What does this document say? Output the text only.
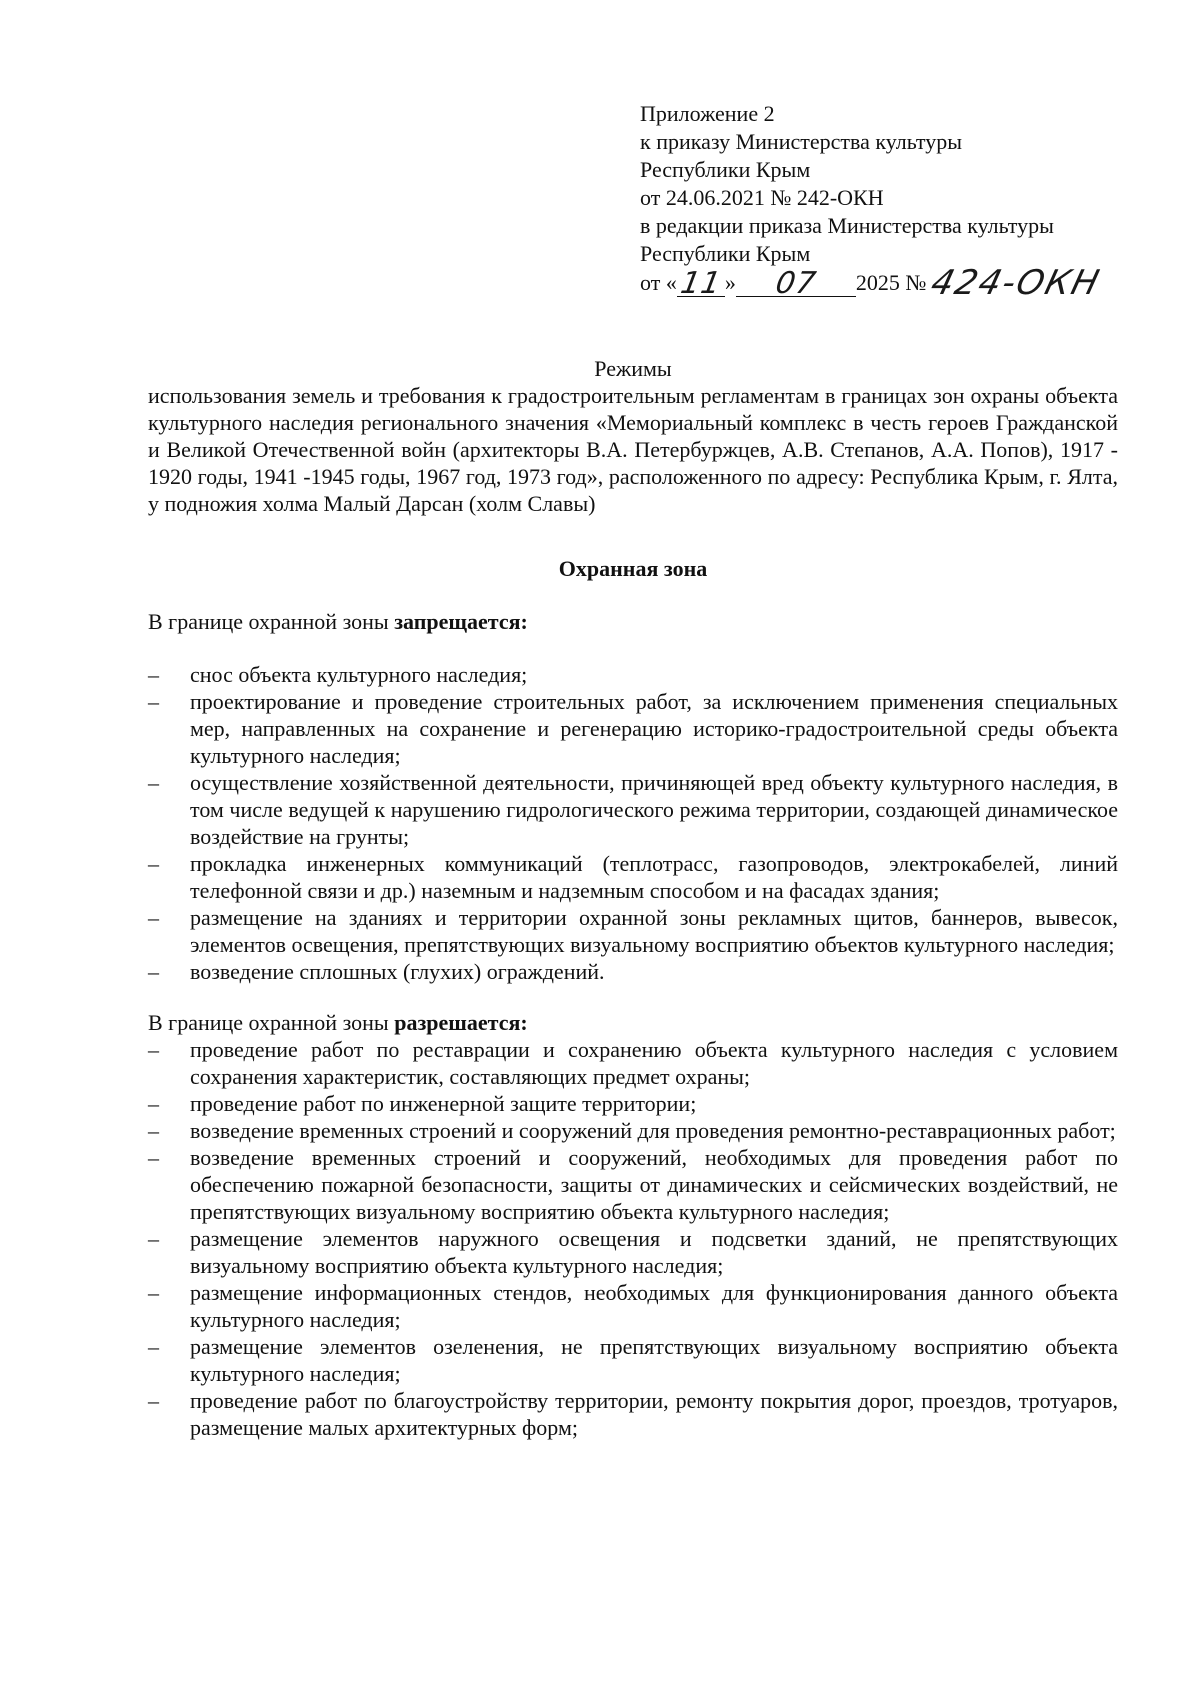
Приложение 2
к приказу Министерства культуры
Республики Крым
от 24.06.2021 № 242-ОКН
в редакции приказа Министерства культуры
Республики Крым
от « 11 »	07	2025 № 424-ОКН
Режимы

использования земель и требования к градостроительным регламентам в границах зон охраны объекта культурного наследия регионального значения «Мемориальный комплекс в честь героев Гражданской и Великой Отечественной войн (архитекторы В.А. Петербуржцев, А.В. Степанов, А.А. Попов), 1917 - 1920 годы, 1941 -1945 годы, 1967 год, 1973 год», расположенного по адресу: Республика Крым, г. Ялта, у подножия холма Малый Дарсан (холм Славы)

Охранная зона

В границе охранной зоны запрещается:

– снос объекта культурного наследия;
– проектирование и проведение строительных работ, за исключением применения специальных мер, направленных на сохранение и регенерацию историко-градостроительной среды объекта культурного наследия;
– осуществление хозяйственной деятельности, причиняющей вред объекту культурного наследия, в том числе ведущей к нарушению гидрологического режима территории, создающей динамическое воздействие на грунты;
– прокладка инженерных коммуникаций (теплотрасс, газопроводов, электрокабелей, линий телефонной связи и др.) наземным и надземным способом и на фасадах здания;
– размещение на зданиях и территории охранной зоны рекламных щитов, баннеров, вывесок, элементов освещения, препятствующих визуальному восприятию объектов культурного наследия;
– возведение сплошных (глухих) ограждений.

В границе охранной зоны разрешается:

– проведение работ по реставрации и сохранению объекта культурного наследия с условием сохранения характеристик, составляющих предмет охраны;
– проведение работ по инженерной защите территории;
– возведение временных строений и сооружений для проведения ремонтно-реставрационных работ;
– возведение временных строений и сооружений, необходимых для проведения работ по обеспечению пожарной безопасности, защиты от динамических и сейсмических воздействий, не препятствующих визуальному восприятию объекта культурного наследия;
– размещение элементов наружного освещения и подсветки зданий, не препятствующих визуальному восприятию объекта культурного наследия;
– размещение информационных стендов, необходимых для функционирования данного объекта культурного наследия;
– размещение элементов озеленения, не препятствующих визуальному восприятию объекта культурного наследия;
– проведение работ по благоустройству территории, ремонту покрытия дорог, проездов, тротуаров, размещение малых архитектурных форм;
